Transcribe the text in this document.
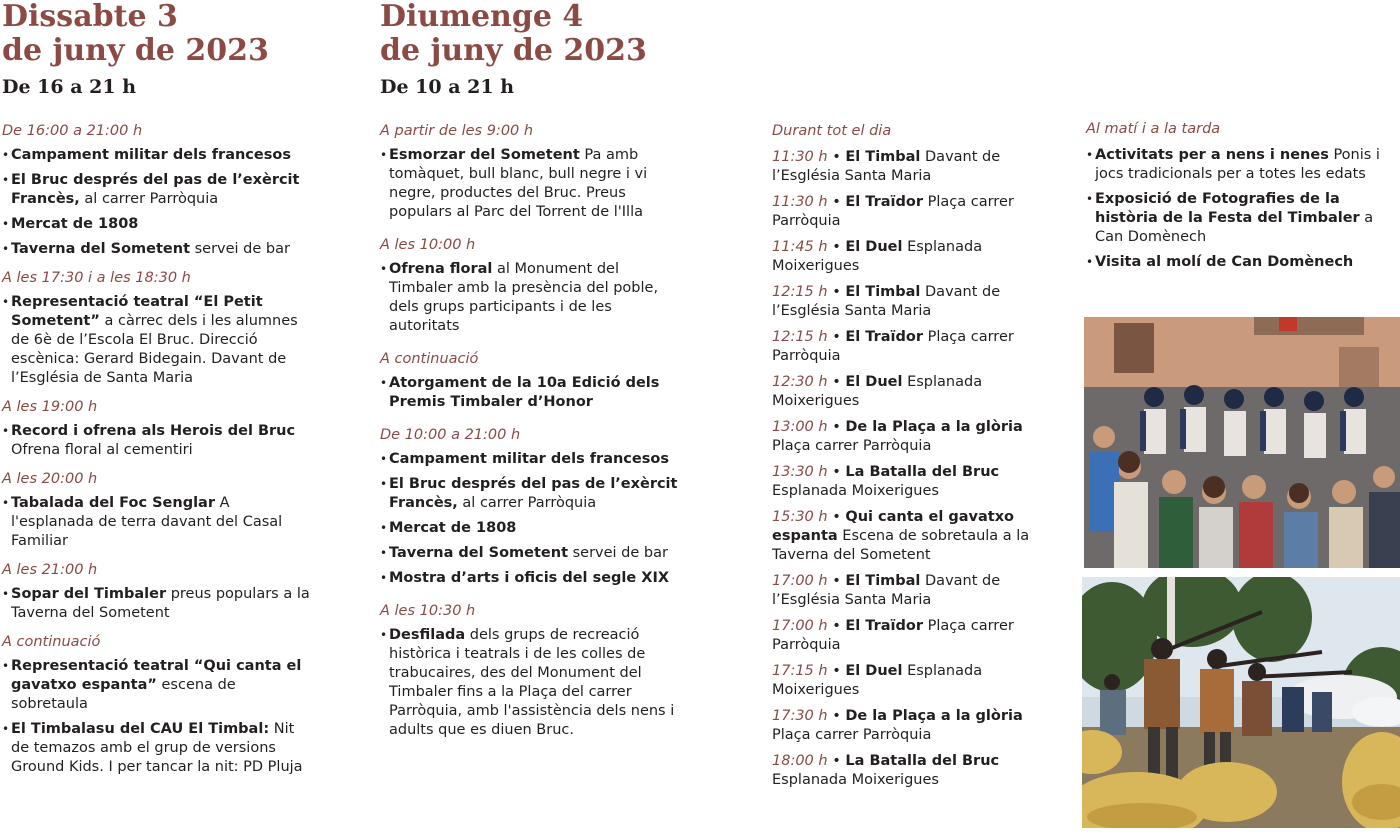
Dissabte 3
de juny de 2023
De 16 a 21 h
De 16:00 a 21:00 h
• Campament militar dels francesos
• El Bruc després del pas de l’exèrcit Francès, al carrer Parròquia
• Mercat de 1808
• Taverna del Sometent servei de bar
A les 17:30 i a les 18:30 h
• Representació teatral “El Petit Sometent” a càrrec dels i les alumnes de 6è de l’Escola El Bruc. Direcció escènica: Gerard Bidegain. Davant de l’Església de Santa Maria
A les 19:00 h
• Record i ofrena als Herois del Bruc Ofrena floral al cementiri
A les 20:00 h
• Tabalada del Foc Senglar A l'esplanada de terra davant del Casal Familiar
A les 21:00 h
• Sopar del Timbaler preus populars a la Taverna del Sometent
A continuació
• Representació teatral “Qui canta el gavatxo espanta” escena de sobretaula
• El Timbalasu del CAU El Timbal: Nit de temazos amb el grup de versions Ground Kids. I per tancar la nit: PD Pluja
Diumenge 4
de juny de 2023
De 10 a 21 h
A partir de les 9:00 h
• Esmorzar del Sometent Pa amb tomàquet, bull blanc, bull negre i vi negre, productes del Bruc. Preus populars al Parc del Torrent de l'Illa
A les 10:00 h
• Ofrena floral al Monument del Timbaler amb la presència del poble, dels grups participants i de les autoritats
A continuació
• Atorgament de la 10a Edició dels Premis Timbaler d’Honor
De 10:00 a 21:00 h
• Campament militar dels francesos
• El Bruc després del pas de l’exèrcit Francès, al carrer Parròquia
• Mercat de 1808
• Taverna del Sometent servei de bar
• Mostra d’arts i oficis del segle XIX
A les 10:30 h
• Desfilada dels grups de recreació històrica i teatrals i de les colles de trabucaires, des del Monument del Timbaler fins a la Plaça del carrer Parròquia, amb l'assistència dels nens i adults que es diuen Bruc.
Durant tot el dia
11:30 h • El Timbal Davant de l’Església Santa Maria
11:30 h • El Traïdor Plaça carrer Parròquia
11:45 h • El Duel Esplanada Moixerigues
12:15 h • El Timbal Davant de l’Església Santa Maria
12:15 h • El Traïdor Plaça carrer Parròquia
12:30 h • El Duel Esplanada Moixerigues
13:00 h • De la Plaça a la glòria Plaça carrer Parròquia
13:30 h • La Batalla del Bruc Esplanada Moixerigues
15:30 h • Qui canta el gavatxo espanta Escena de sobretaula a la Taverna del Sometent
17:00 h • El Timbal Davant de l’Església Santa Maria
17:00 h • El Traïdor Plaça carrer Parròquia
17:15 h • El Duel Esplanada Moixerigues
17:30 h • De la Plaça a la glòria Plaça carrer Parròquia
18:00 h • La Batalla del Bruc Esplanada Moixerigues
Al matí i a la tarda
• Activitats per a nens i nenes Ponis i jocs tradicionals per a totes les edats
• Exposició de Fotografies de la història de la Festa del Timbaler a Can Domènech
• Visita al molí de Can Domènech
